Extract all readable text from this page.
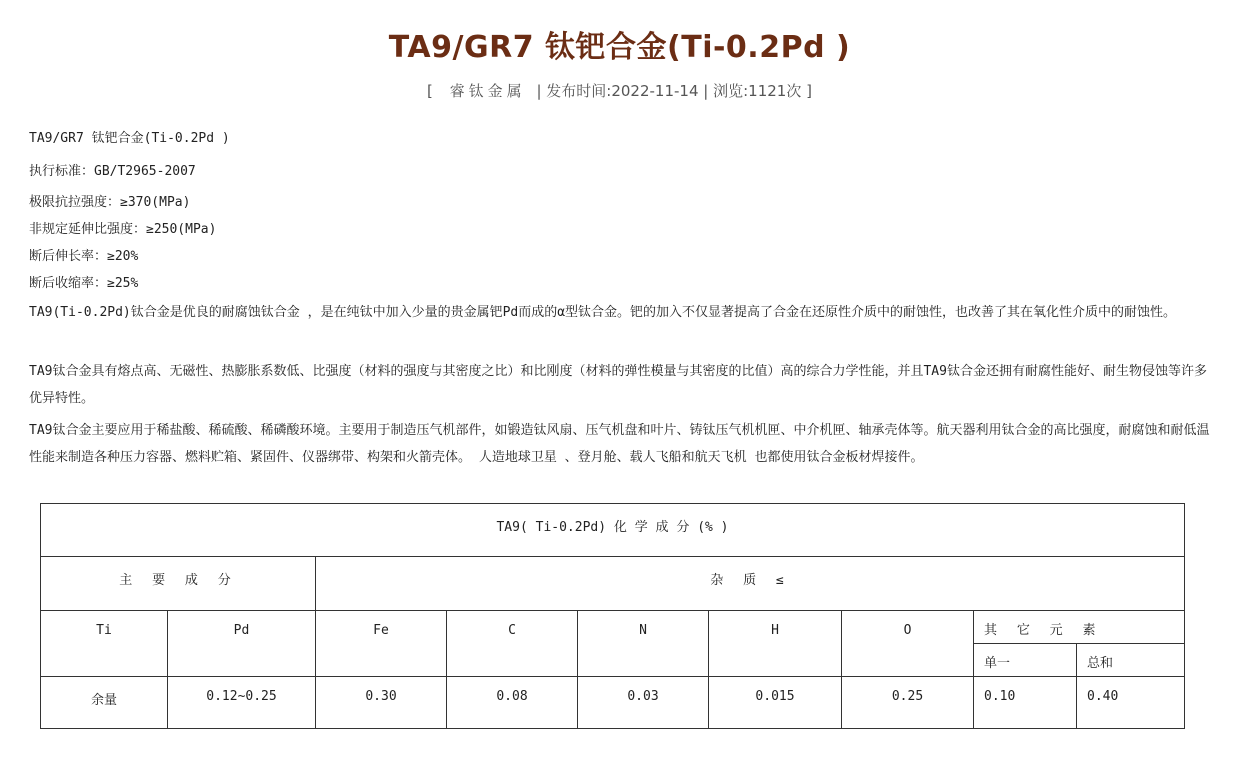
TA9/GR7 钛钯合金(Ti-0.2Pd )
[ 睿钛金属 | 发布时间:2022-11-14 | 浏览:1121次 ]

TA9/GR7 钛钯合金(Ti-0.2Pd )

执行标准：GB/T2965-2007

极限抗拉强度：≥370(MPa)

非规定延伸比强度：≥250(MPa)

断后伸长率：≥20%

断后收缩率：≥25%

TA9(Ti-0.2Pd)钛合金是优良的耐腐蚀钛合金 ，是在纯钛中加入少量的贵金属钯Pd而成的α型钛合金。钯的加入不仅显著提高了合金在还原性介质中的耐蚀性，也改善了其在氧化性介质中的耐蚀性。

TA9钛合金具有熔点高、无磁性、热膨胀系数低、比强度（材料的强度与其密度之比）和比刚度（材料的弹性模量与其密度的比值）高的综合力学性能，并且TA9钛合金还拥有耐腐性能好、耐生物侵蚀等许多优异特性。

TA9钛合金主要应用于稀盐酸、稀硫酸、稀磷酸环境。主要用于制造压气机部件，如锻造钛风扇、压气机盘和叶片、铸钛压气机机匣、中介机匣、轴承壳体等。航天器利用钛合金的高比强度，耐腐蚀和耐低温性能来制造各种压力容器、燃料贮箱、紧固件、仪器绑带、构架和火箭壳体。 人造地球卫星 、登月舱、载人飞船和航天飞机 也都使用钛合金板材焊接件。

TA9( Ti-0.2Pd) 化 学 成 分 (% )								

主 要 成 分		杂 质 ≤						

Ti	Pd	Fe	C	N	H	O	其 它 元 素	

							单一	总和

余量	0.12~0.25	0.30	0.08	0.03	0.015	0.25	0.10	0.40
